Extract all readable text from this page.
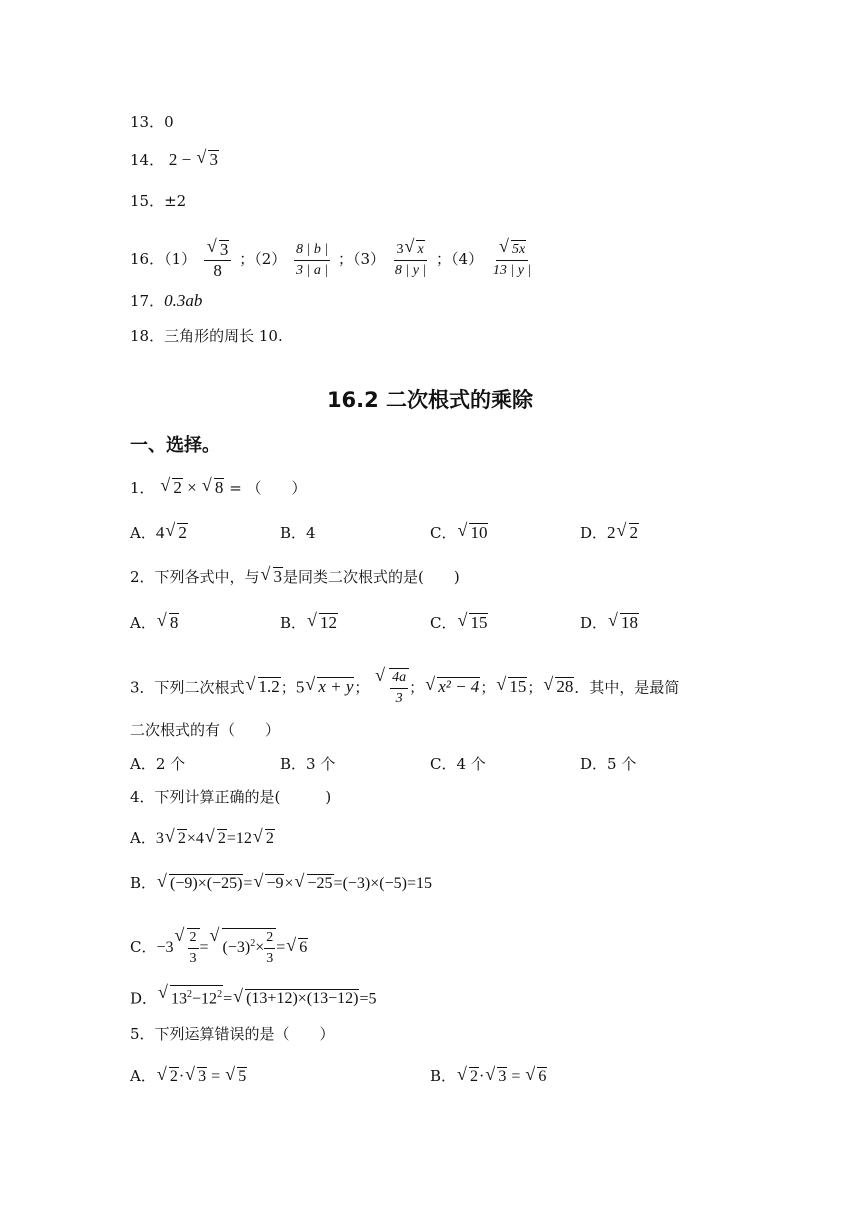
13．0
14． 2 − √ 3
15．±2
16．（1）
√ $\frac{3}{8}$ ；$(2) \frac{8 | b |}{3 | a |}$ ；$(3) \frac{3√ x}{8 | y |}$ ；（4）
√ $\frac{5x}{13 | y |}$
17．0.3ab
18．三角形的周长 10.
16.2 二次根式的乘除
一、选择。
1． √ 2 × √ 8 = （　　）
A．4√ 2	B．4	C．√ 10	D．2√ 2
2．下列各式中，与√ 3是同类二次根式的是(　　)
A．√ 8	B．√ 12	C．√ 15	D．√ 18
3．下列二次根式√ 1.2；5√ x + y；
√ $\frac{4a}{3}$ ；√ x² − 4；√ 15；√ 28．其中，是最简
二次根式的有（　　）
A．2 个	B．3 个	C．4 个	D．5 个
4．下列计算正确的是(　　　)
A．3√ 2×4√ 2=12√ 2
B．√ (−9)×(−25)=√ −9×√ −25=(−3)×(−5)=15
C．−3
√ $\frac{2}{3}$ =√ $(-3)^2\times \frac{2}{3}$ =√ 6
D．√ $13^2-12^2=√$ (13+12)×(13−12)=5
5．下列运算错误的是（　　）
A．√ 2·√ 3 = √ 5	B．√ 2·√ 3 = √ 6
